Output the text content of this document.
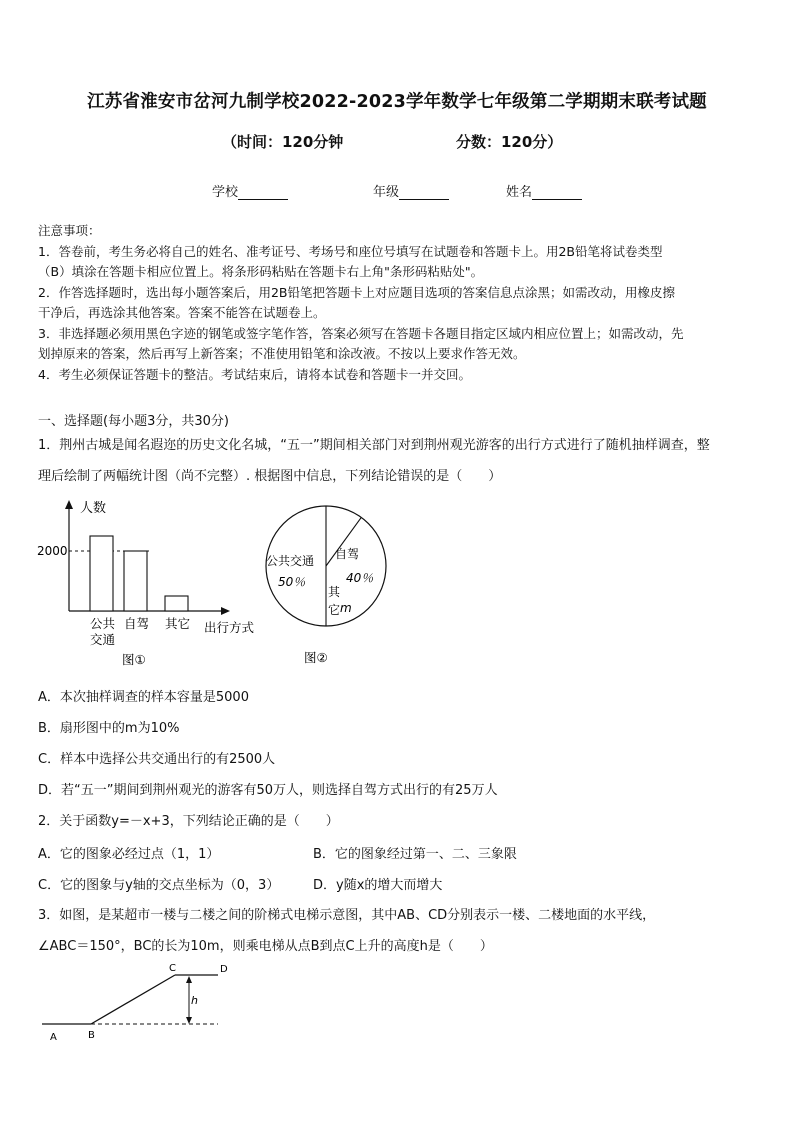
江苏省淮安市岔河九制学校2022-2023学年数学七年级第二学期期末联考试题
（时间：120分钟	分数：120分）
学校	年级	姓名

注意事项：

1．答卷前，考生务必将自己的姓名、准考证号、考场号和座位号填写在试题卷和答题卡上。用2B铅笔将试卷类型

（B）填涂在答题卡相应位置上。将条形码粘贴在答题卡右上角"条形码粘贴处"。

2．作答选择题时，选出每小题答案后，用2B铅笔把答题卡上对应题目选项的答案信息点涂黑；如需改动，用橡皮擦

干净后，再选涂其他答案。答案不能答在试题卷上。

3．非选择题必须用黑色字迹的钢笔或签字笔作答，答案必须写在答题卡各题目指定区域内相应位置上；如需改动，先

划掉原来的答案，然后再写上新答案；不准使用铅笔和涂改液。不按以上要求作答无效。

4．考生必须保证答题卡的整洁。考试结束后，请将本试卷和答题卡一并交回。

一、选择题(每小题3分，共30分)

1．荆州古城是闻名遐迩的历史文化名城，“五一”期间相关部门对到荆州观光游客的出行方式进行了随机抽样调查，整

理后绘制了两幅统计图（尚不完整）. 根据图中信息，下列结论错误的是（　　）

2000
人数
公共
交通
自驾 其它 出行方式
图①
公共交通
50％
自驾
40％
其
它 m
图②
A．本次抽样调查的样本容量是5000
B．扇形图中的m为10%
C．样本中选择公共交通出行的有2500人
D．若“五一”期间到荆州观光的游客有50万人，则选择自驾方式出行的有25万人
2．关于函数y=－x+3，下列结论正确的是（　　）
A．它的图象必经过点（1，1）	B．它的图象经过第一、二、三象限
C．它的图象与y轴的交点坐标为（0，3）	D．y随x的增大而增大
3．如图，是某超市一楼与二楼之间的阶梯式电梯示意图，其中AB、CD分别表示一楼、二楼地面的水平线，
∠ABC＝150°，BC的长为10m，则乘电梯从点B到点C上升的高度h是（　　）
h
A	B
C	D
